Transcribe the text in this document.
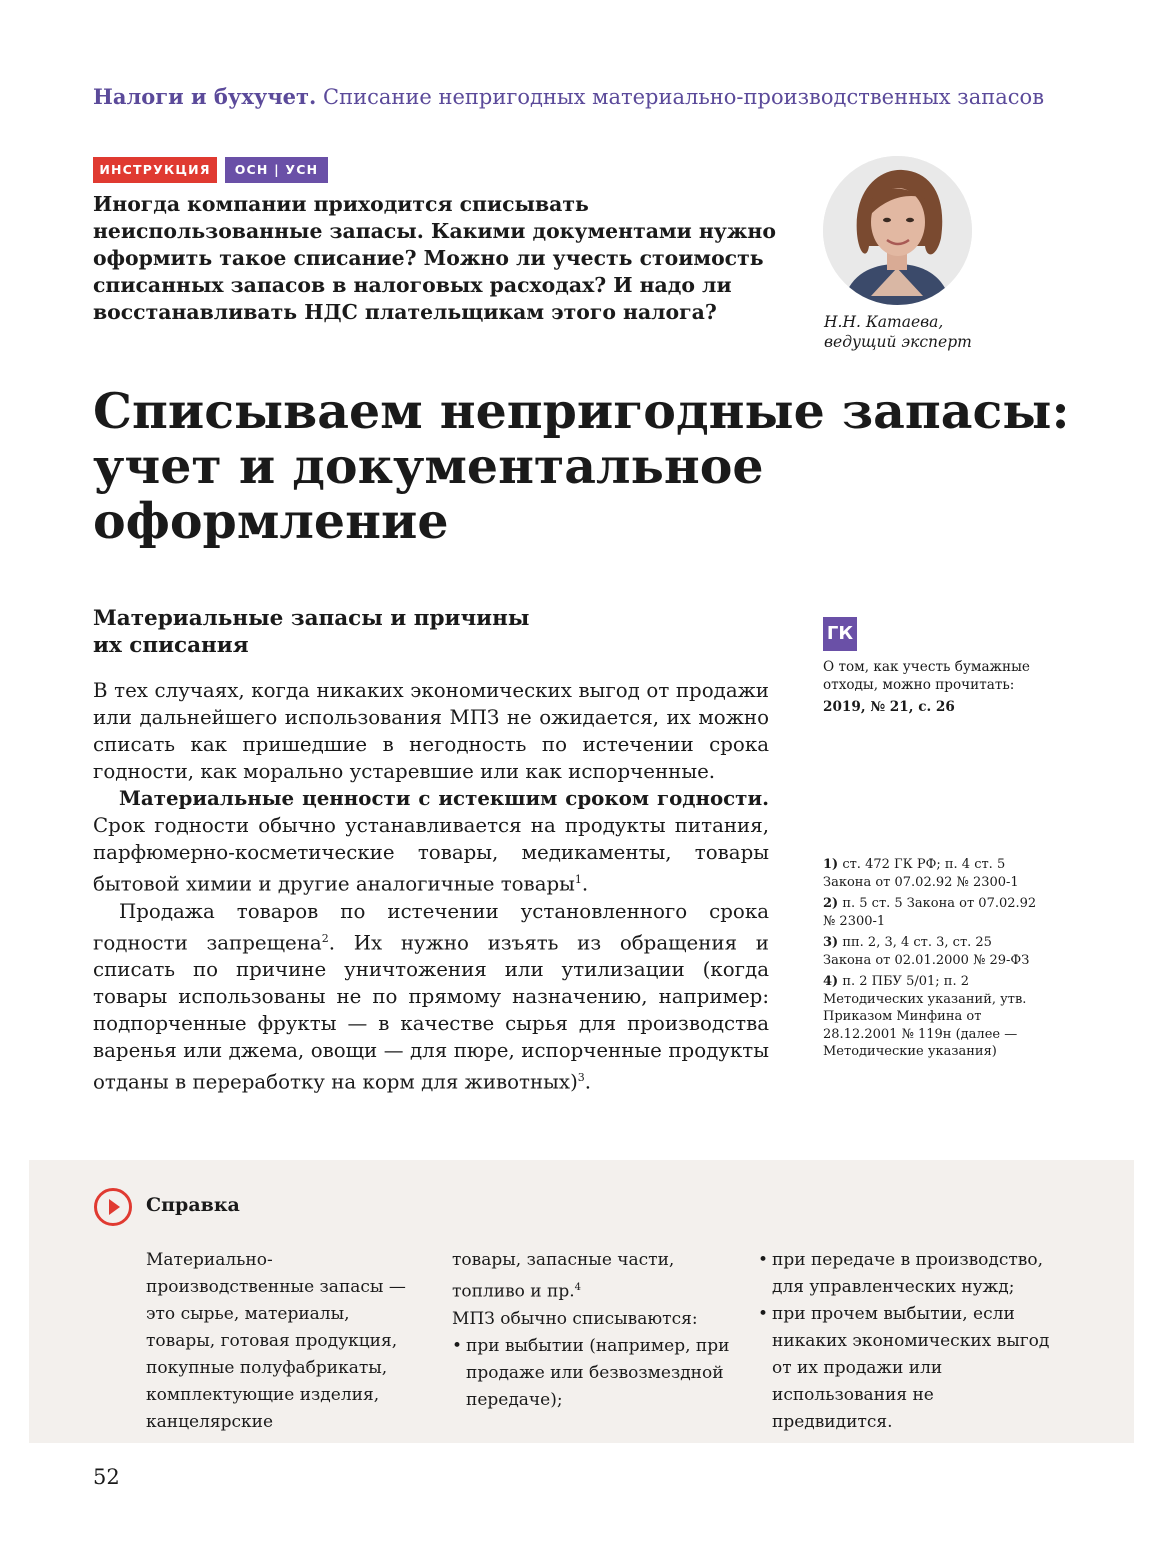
Налоги и бухучет. Списание непригодных материально-производственных запасов
ИНСТРУКЦИЯ	ОСН | УСН
Иногда компании приходится списывать неиспользованные запасы. Какими документами нужно оформить такое списание? Можно ли учесть стоимость списанных запасов в налоговых расходах? И надо ли восстанавливать НДС плательщикам этого налога?	Н.Н. Катаева,
ведущий эксперт
Списываем непригодные запасы:
учет и документальное
оформление
Материальные запасы и причины
их списания

В тех случаях, когда никаких экономических выгод от продажи или дальнейшего использования МПЗ не ожидается, их можно списать как пришедшие в негодность по истечении срока годности, как морально устаревшие или как испорченные.

Материальные ценности с истекшим сроком годности. Срок годности обычно устанавливается на продукты питания, парфюмерно-косметические товары, медикаменты, товары бытовой химии и другие аналогичные товары$^1$.

Продажа товаров по истечении установленного срока годности запрещена$^2$. Их нужно изъять из обращения и списать по причине уничтожения или утилизации (когда товары использованы не по прямому назначению, например: подпорченные фрукты — в качестве сырья для производства варенья или джема, овощи — для пюре, испорченные продукты отданы в переработку на корм для животных)$^3$.

ГК
О том, как учесть бумажные отходы, можно прочитать:
2019, № 21, с. 26
1) ст. 472 ГК РФ; п. 4 ст. 5 Закона от 07.02.92 № 2300-1
2) п. 5 ст. 5 Закона от 07.02.92 № 2300-1
3) пп. 2, 3, 4 ст. 3, ст. 25 Закона от 02.01.2000 № 29-ФЗ
4) п. 2 ПБУ 5/01; п. 2 Методических указаний, утв. Приказом Минфина от 28.12.2001 № 119н (далее — Методические указания)
Справка

Материально-производственные запасы — это сырье, материалы, товары, готовая продукция, покупные полуфабрикаты, комплектующие изделия, канцелярские

товары, запасные части, топливо и пр.$^4$

МПЗ обычно списываются:

• при выбытии (например, при продаже или безвозмездной передаче);
• при передаче в производство, для управленческих нужд;
• при прочем выбытии, если никаких экономических выгод от их продажи или использования не предвидится.
52
